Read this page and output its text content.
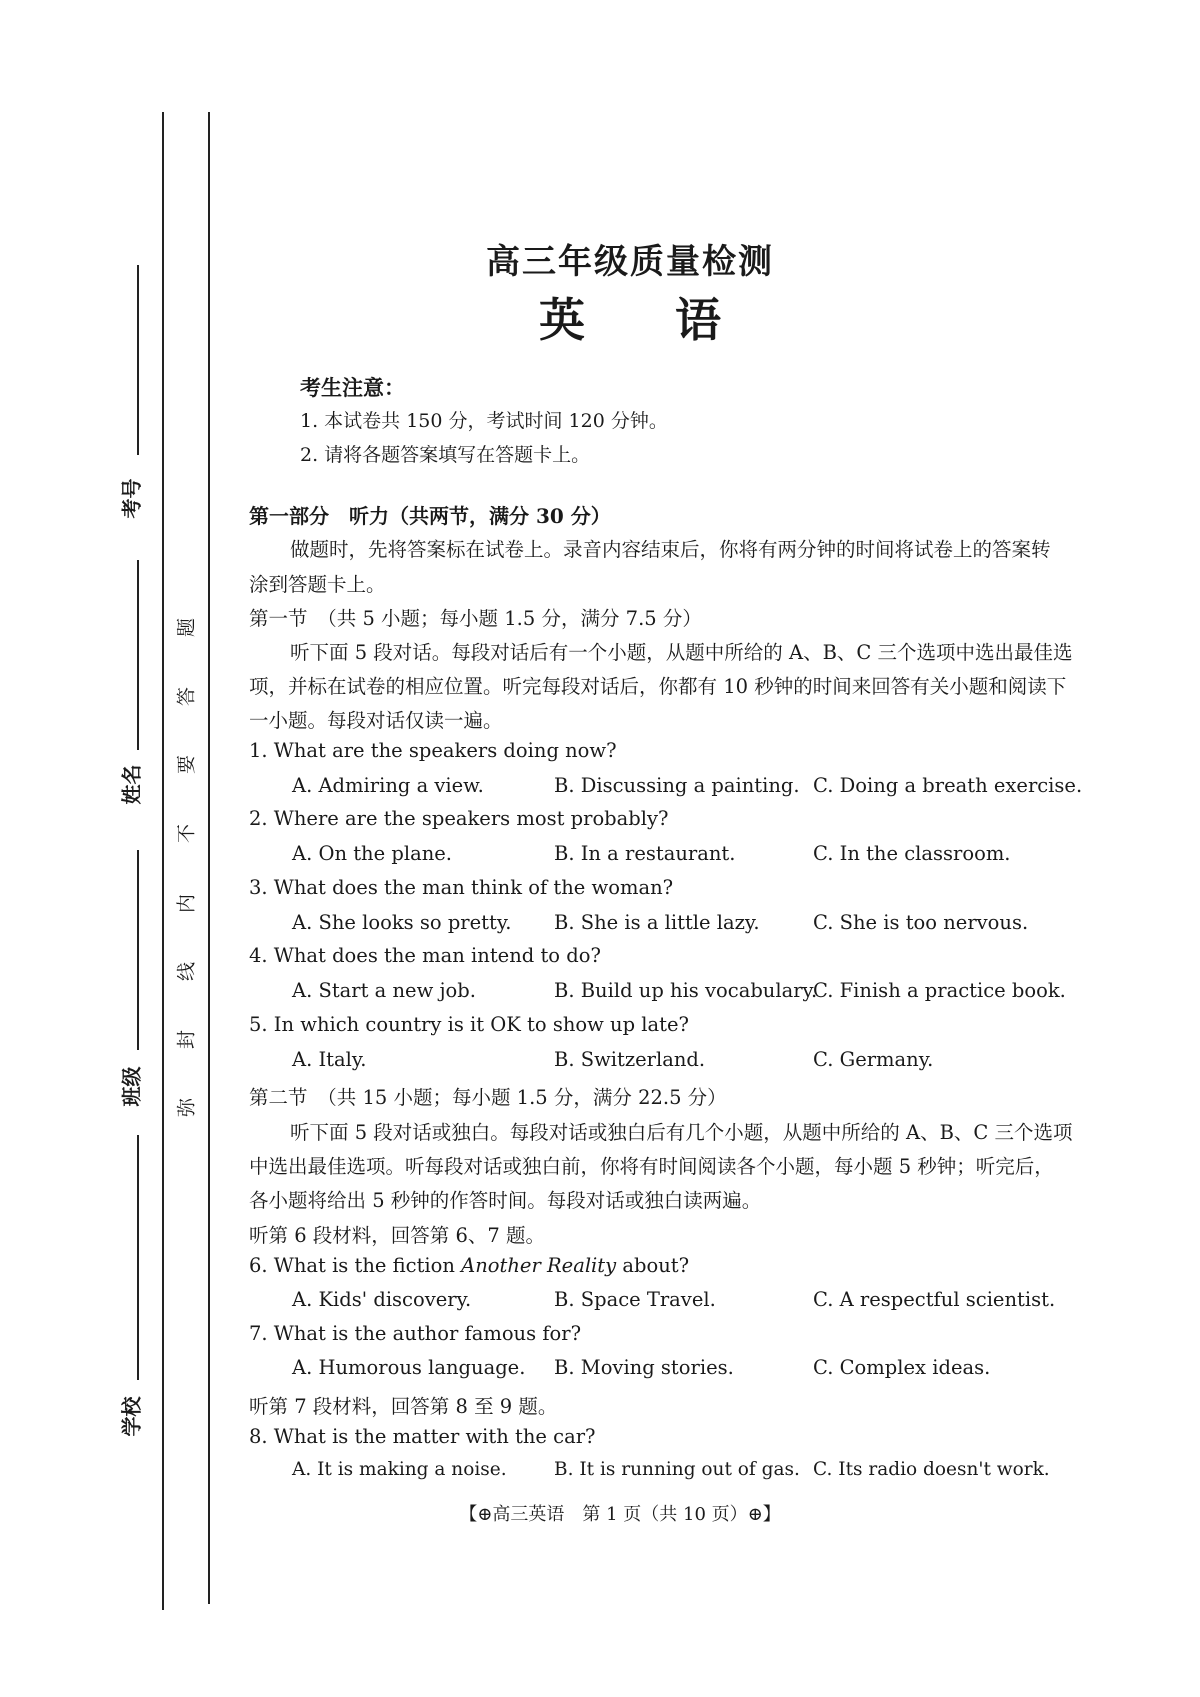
考号
姓名
班级
学校
题
答
要
不
内
线
封
弥
高三年级质量检测
英语
考生注意：
1. 本试卷共 150 分，考试时间 120 分钟。
2. 请将各题答案填写在答题卡上。
第一部分　听力（共两节，满分 30 分）
做题时，先将答案标在试卷上。录音内容结束后，你将有两分钟的时间将试卷上的答案转
涂到答题卡上。
第一节　（共 5 小题；每小题 1.5 分，满分 7.5 分）
听下面 5 段对话。每段对话后有一个小题，从题中所给的 A、B、C 三个选项中选出最佳选
项，并标在试卷的相应位置。听完每段对话后，你都有 10 秒钟的时间来回答有关小题和阅读下
一小题。每段对话仅读一遍。
1. What are the speakers doing now?
A. Admiring a view.	B. Discussing a painting. C. Doing a breath exercise.
2. Where are the speakers most probably?
A. On the plane.	B. In a restaurant.	C. In the classroom.
3. What does the man think of the woman?
A. She looks so pretty. B. She is a little lazy.	C. She is too nervous.
4. What does the man intend to do?
A. Start a new job.	B. Build up his vocabulary.
C. Finish a practice book.
5. In which country is it OK to show up late?
A. Italy.	B. Switzerland.	C. Germany.
第二节　（共 15 小题；每小题 1.5 分，满分 22.5 分）
听下面 5 段对话或独白。每段对话或独白后有几个小题，从题中所给的 A、B、C 三个选项
中选出最佳选项。听每段对话或独白前，你将有时间阅读各个小题，每小题 5 秒钟；听完后，
各小题将给出 5 秒钟的作答时间。每段对话或独白读两遍。
听第 6 段材料，回答第 6、7 题。
6. What is the fiction Another Reality about?
A. Kids' discovery.	B. Space Travel.	C. A respectful scientist.
7. What is the author famous for?
A. Humorous language. B. Moving stories.	C. Complex ideas.
听第 7 段材料，回答第 8 至 9 题。
8. What is the matter with the car?
A. It is making a noise.	B. It is running out of gas. C. Its radio doesn't work.
【⊕高三英语　第 1 页（共 10 页）⊕】
